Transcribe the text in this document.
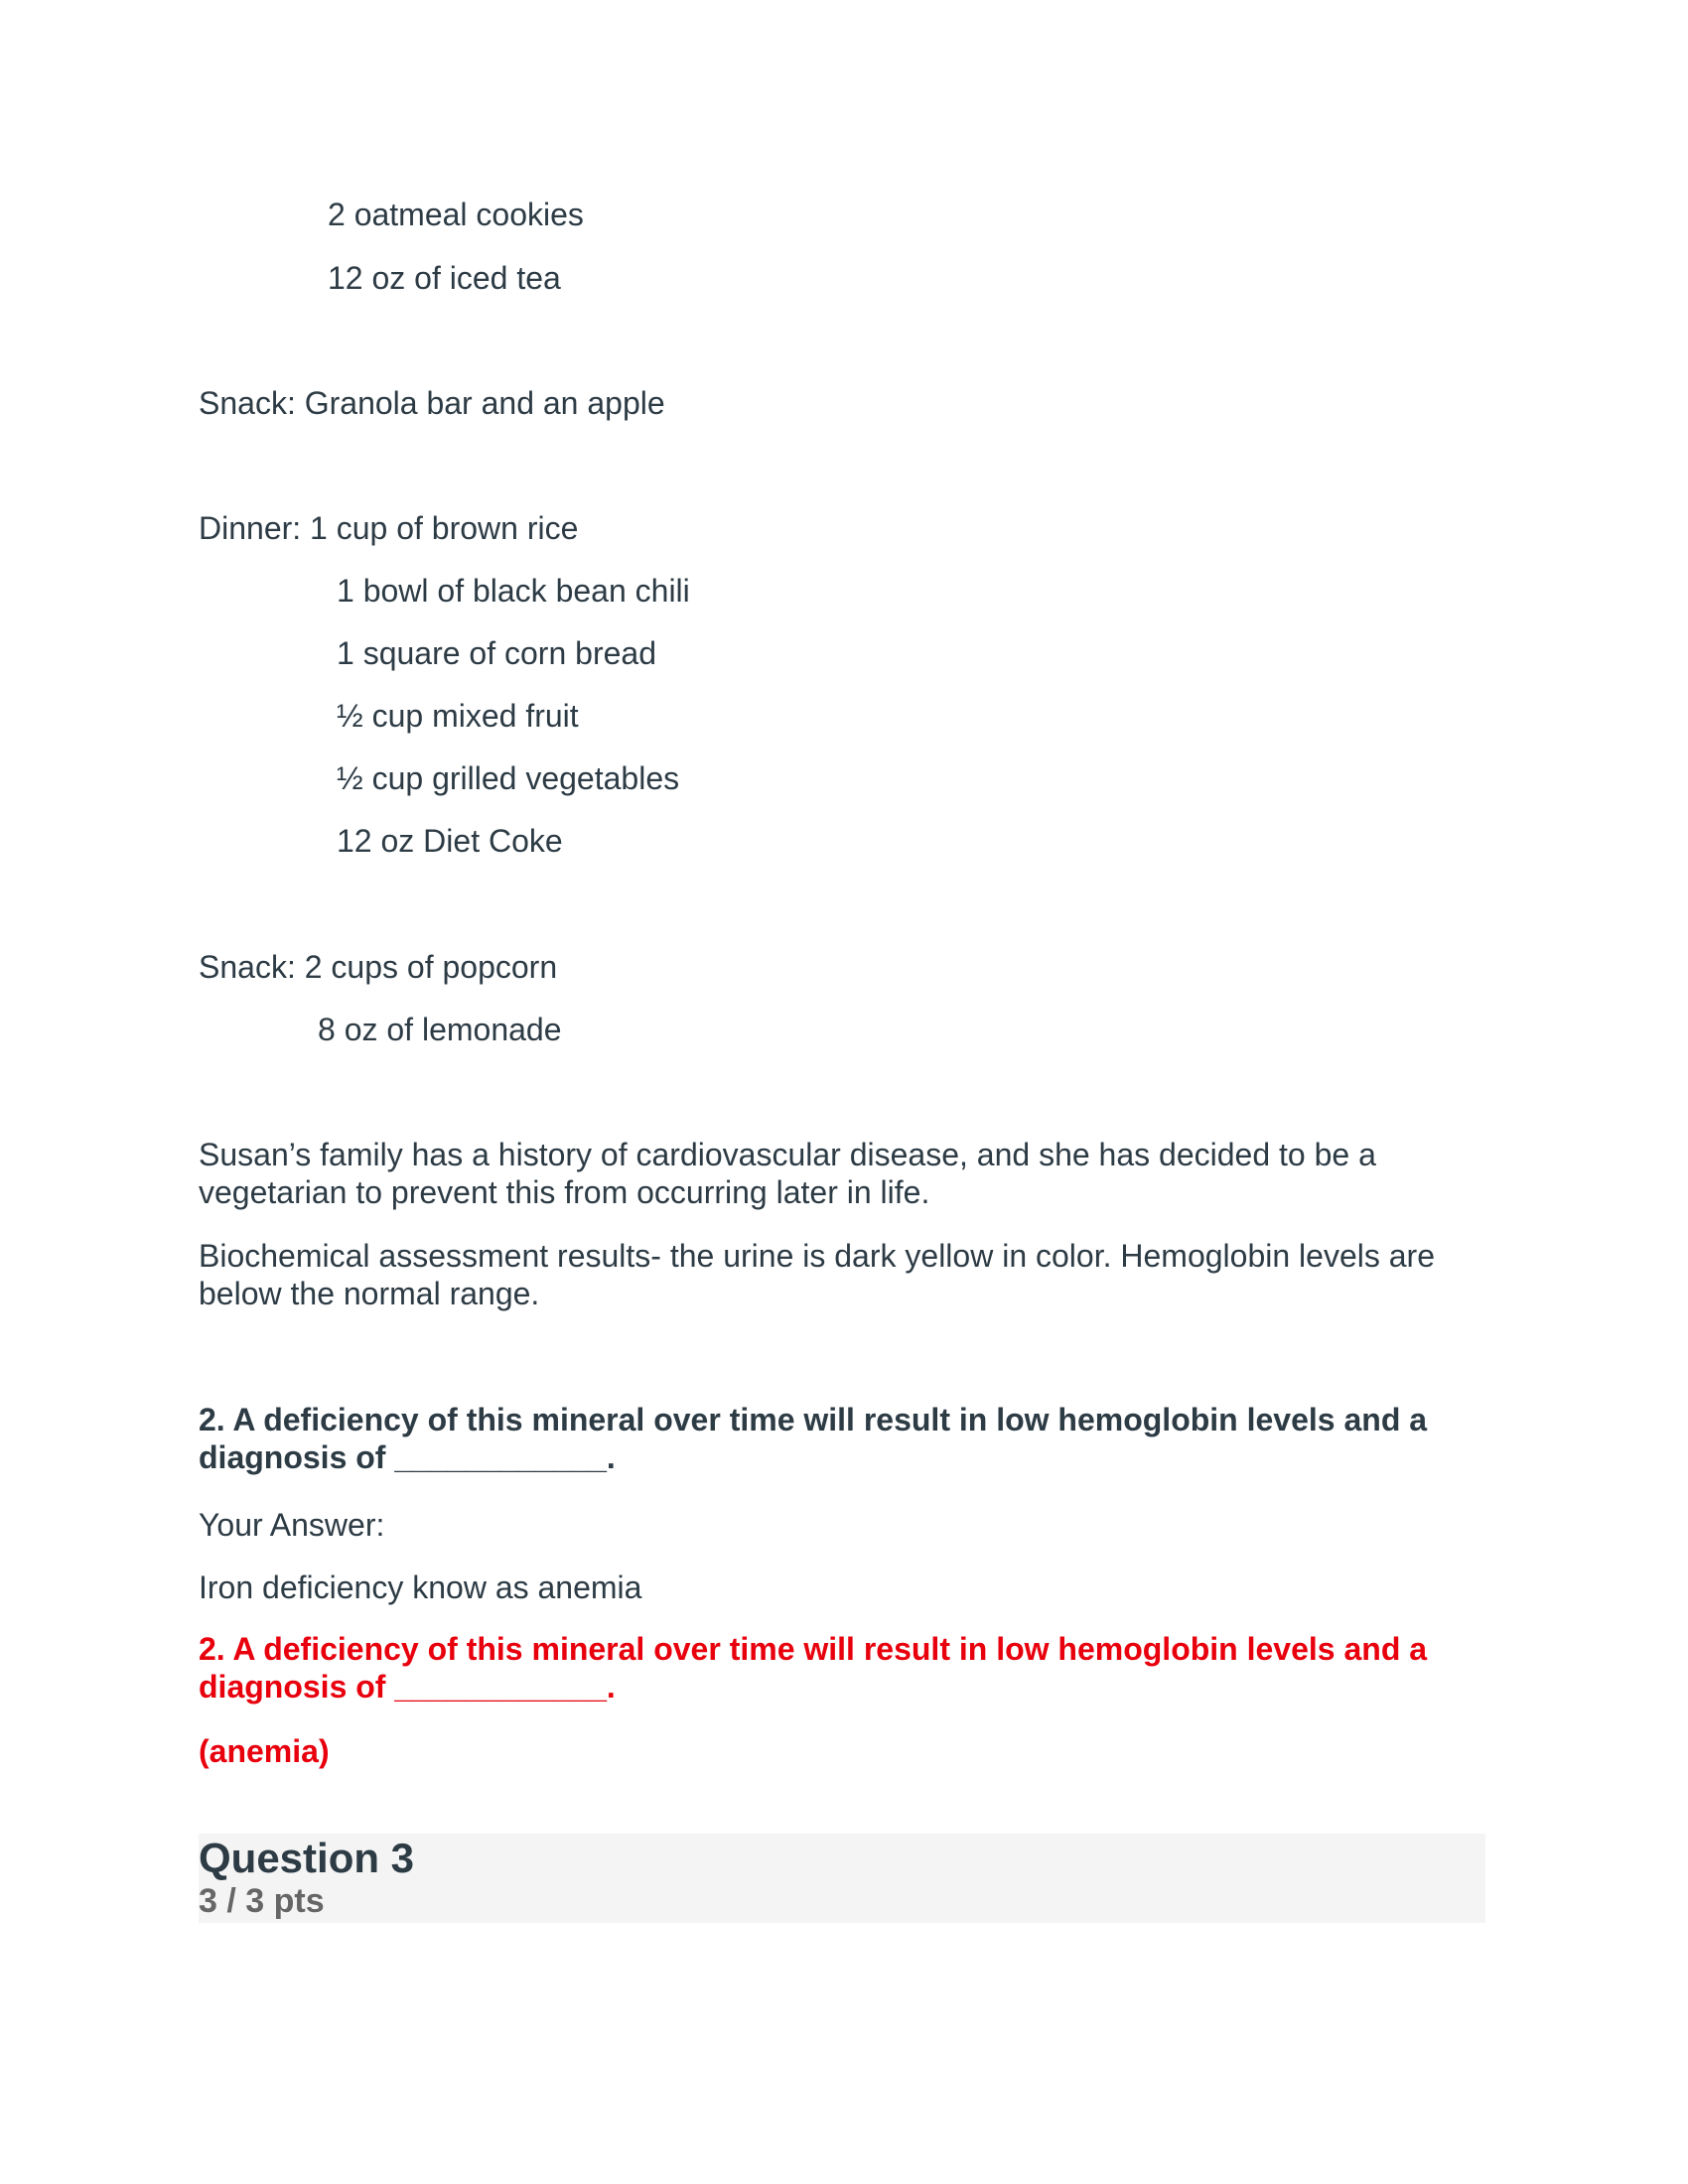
2 oatmeal cookies
12 oz of iced tea
Snack: Granola bar and an apple
Dinner: 1 cup of brown rice
1 bowl of black bean chili
1 square of corn bread
½ cup mixed fruit
½ cup grilled vegetables
12 oz Diet Coke
Snack: 2 cups of popcorn
8 oz of lemonade
Susan’s family has a history of cardiovascular disease, and she has decided to be a vegetarian to prevent this from occurring later in life.
Biochemical assessment results- the urine is dark yellow in color. Hemoglobin levels are below the normal range.
2. A deficiency of this mineral over time will result in low hemoglobin levels and a diagnosis of ____________.
Your Answer:
Iron deficiency know as anemia
2. A deficiency of this mineral over time will result in low hemoglobin levels and a diagnosis of ____________.
(anemia)
Question 3
3 / 3 pts
